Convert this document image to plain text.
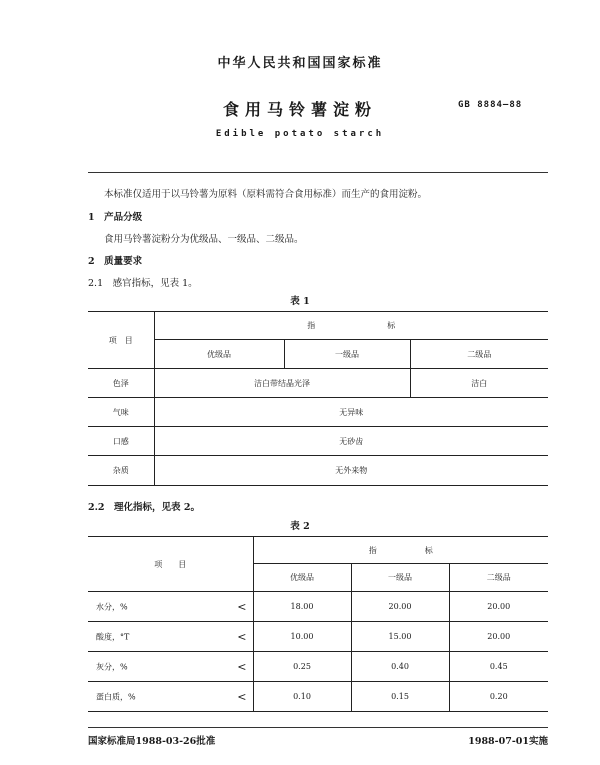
中华人民共和国国家标准
食用马铃薯淀粉	GB 8884—88
Edible potato starch
本标准仅适用于以马铃薯为原料（原料需符合食用标准）而生产的食用淀粉。
1　产品分级
食用马铃薯淀粉分为优级品、一级品、二级品。
2　质量要求
2.1　感官指标，见表 1。
表 1
项　目	指　　　　　　　　　标		
	优级品	一级品	二级品
色泽	洁白带结晶光泽		洁白
气味	无异味		
口感	无砂齿		
杂质	无外来物		
2.2　理化指标，见表 2。
表 2
项　　目	指　　　　　　标		
	优级品	一级品	二级品

水分，% <	18.00	20.00	20.00

酸度，°T <	10.00	15.00	20.00

灰分，% <	0.25	0.40	0.45

蛋白质，% <	0.10	0.15	0.20
国家标准局1988-03-26批准	1988-07-01实施
